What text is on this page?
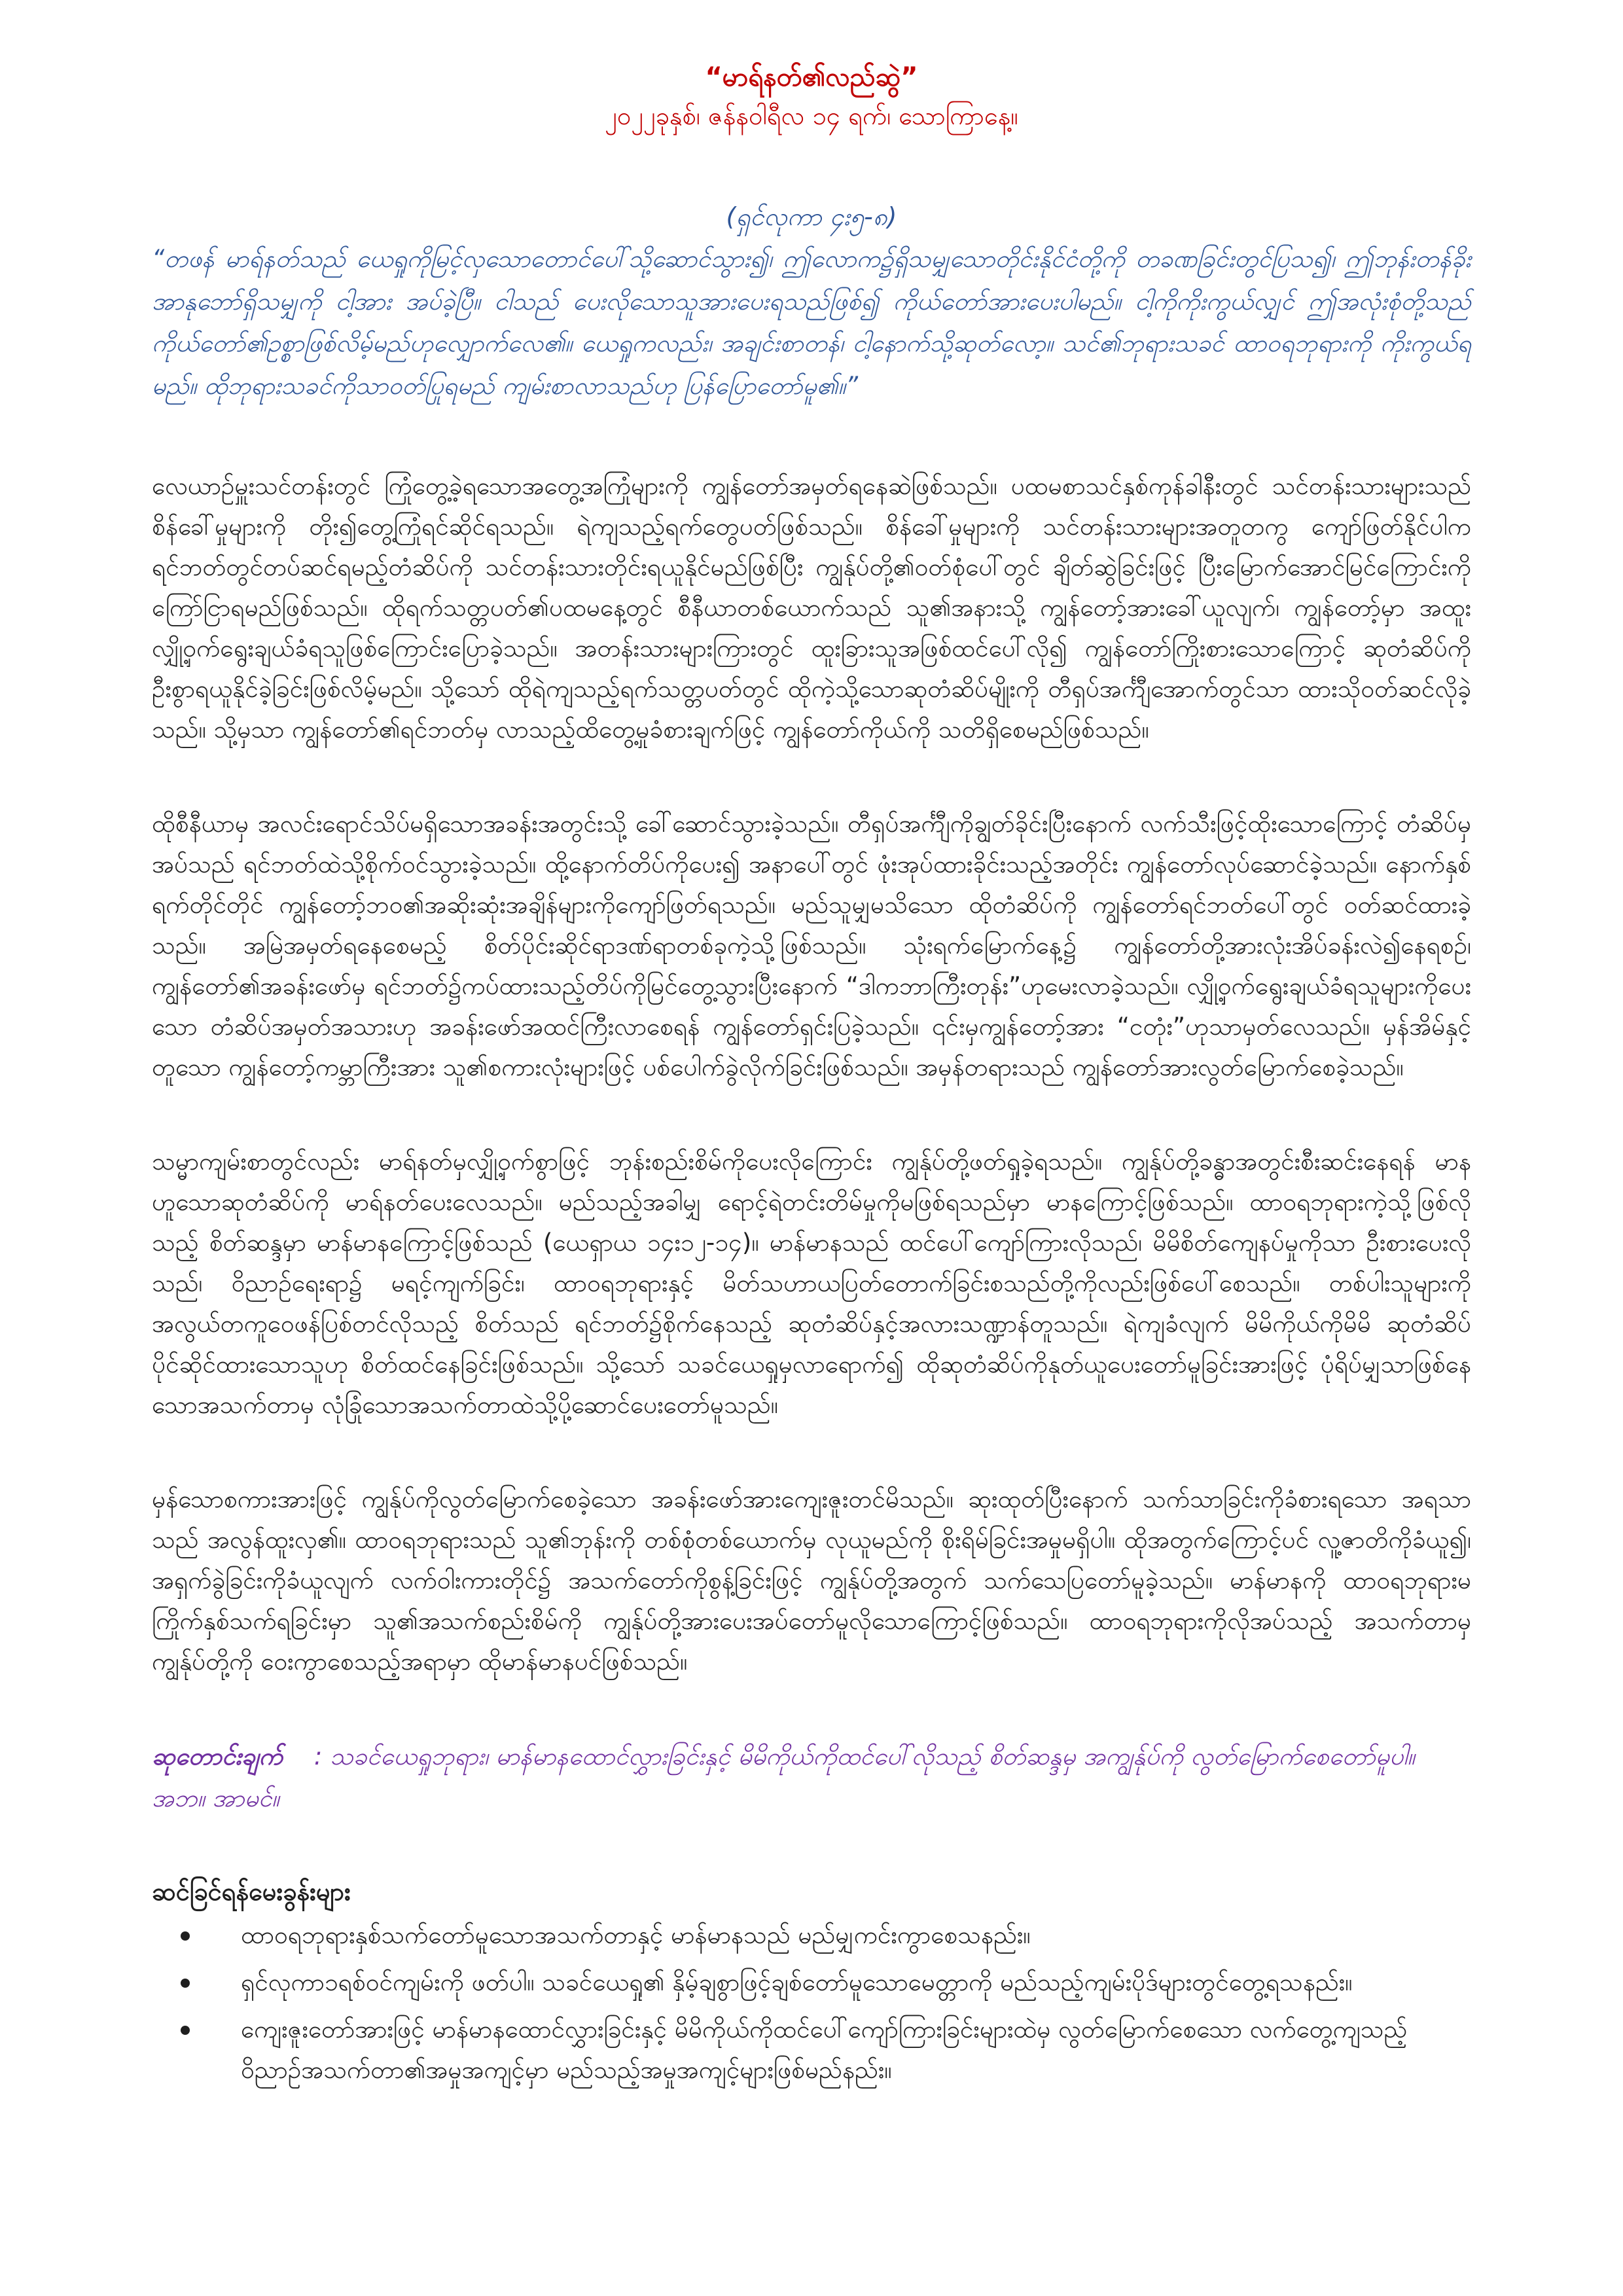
“မာရ်နတ်၏လည်ဆွဲ”

၂၀၂၂ခုနှစ်၊ ဇန်နဝါရီလ ၁၄ ရက်၊ သောကြာနေ့။

(ရှင်လုကာ ၄း၅-၈)

“တဖန် မာရ်နတ်သည် ယေရှုကိုမြင့်လှသောတောင်ပေါ်သို့ဆောင်သွား၍၊ ဤလောက၌ရှိသမျှသောတိုင်းနိုင်ငံတို့ကို တခဏခြင်းတွင်ပြသ၍၊ ဤဘုန်းတန်ခိုးအာနုဘော်ရှိသမျှကို ငါ့အား အပ်ခဲ့ပြီ။ ငါသည် ပေးလိုသောသူအားပေးရသည်ဖြစ်၍ ကိုယ်တော်အားပေးပါမည်။ ငါ့ကိုကိုးကွယ်လျှင် ဤအလုံးစုံတို့သည် ကိုယ်တော်၏ဥစ္စာဖြစ်လိမ့်မည်ဟုလျှောက်လေ၏။ ယေရှုကလည်း၊ အချင်းစာတန်၊ ငါ့နောက်သို့ဆုတ်လော့။ သင်၏ဘုရားသခင် ထာဝရဘုရားကို ကိုးကွယ်ရမည်။ ထိုဘုရားသခင်ကိုသာဝတ်ပြုရမည် ကျမ်းစာလာသည်ဟု ပြန်ပြောတော်မူ၏။”

လေယာဉ်မှူးသင်တန်းတွင် ကြုံတွေ့ခဲ့ရသောအတွေ့အကြုံများကို ကျွန်တော်အမှတ်ရနေဆဲဖြစ်သည်။ ပထမစာသင်နှစ်ကုန်ခါနီးတွင် သင်တန်းသားများသည် စိန်ခေါ်မှုများကို တိုး၍တွေ့ကြုံရင်ဆိုင်ရသည်။ ရဲကျသည့်ရက်တွေပတ်ဖြစ်သည်။ စိန်ခေါ်မှုများကို သင်တန်းသားများအတူတကွ ကျော်ဖြတ်နိုင်ပါက ရင်ဘတ်တွင်တပ်ဆင်ရမည့်တံဆိပ်ကို သင်တန်းသားတိုင်းရယူနိုင်မည်ဖြစ်ပြီး ကျွန်ုပ်တို့၏ဝတ်စုံပေါ်တွင် ချိတ်ဆွဲခြင်းဖြင့် ပြီးမြောက်အောင်မြင်ကြောင်းကို ကြော်ငြာရမည်ဖြစ်သည်။ ထိုရက်သတ္တပတ်၏ပထမနေ့တွင် စီနီယာတစ်ယောက်သည် သူ၏အနားသို့ ကျွန်တော့်အားခေါ်ယူလျက်၊ ကျွန်တော့်မှာ အထူးလျှို့ဝှက်ရွေးချယ်ခံရသူဖြစ်ကြောင်းပြောခဲ့သည်။ အတန်းသားများကြားတွင် ထူးခြားသူအဖြစ်ထင်ပေါ်လို၍ ကျွန်တော်ကြိုးစားသောကြောင့် ဆုတံဆိပ်ကို ဦးစွာရယူနိုင်ခဲ့ခြင်းဖြစ်လိမ့်မည်။ သို့သော် ထိုရဲကျသည့်ရက်သတ္တပတ်တွင် ထိုကဲ့သို့သောဆုတံဆိပ်မျိုးကို တီရှပ်အင်္ကျီအောက်တွင်သာ ထားသိုဝတ်ဆင်လိုခဲ့သည်။ သို့မှသာ ကျွန်တော်၏ရင်ဘတ်မှ လာသည့်ထိတွေ့မှုခံစားချက်ဖြင့် ကျွန်တော်ကိုယ်ကို သတိရှိစေမည်ဖြစ်သည်။

ထိုစီနီယာမှ အလင်းရောင်သိပ်မရှိသောအခန်းအတွင်းသို့ ခေါ်ဆောင်သွားခဲ့သည်။ တီရှပ်အင်္ကျီကိုချွတ်ခိုင်းပြီးနောက် လက်သီးဖြင့်ထိုးသောကြောင့် တံဆိပ်မှ အပ်သည် ရင်ဘတ်ထဲသို့စိုက်ဝင်သွားခဲ့သည်။ ထို့နောက်တိပ်ကိုပေး၍ အနာပေါ်တွင် ဖုံးအုပ်ထားခိုင်းသည့်အတိုင်း ကျွန်တော်လုပ်ဆောင်ခဲ့သည်။ နောက်နှစ်ရက်တိုင်တိုင် ကျွန်တော့်ဘဝ၏အဆိုးဆုံးအချိန်များကိုကျော်ဖြတ်ရသည်။ မည်သူမျှမသိသော ထိုတံဆိပ်ကို ကျွန်တော်ရင်ဘတ်ပေါ်တွင် ဝတ်ဆင်ထားခဲ့သည်။ အမြဲအမှတ်ရနေစေမည့် စိတ်ပိုင်းဆိုင်ရာဒဏ်ရာတစ်ခုကဲ့သို့ဖြစ်သည်။ သုံးရက်မြောက်နေ့၌ ကျွန်တော်တို့အားလုံးအိပ်ခန်းလဲ၍နေရစဉ်၊ ကျွန်တော်၏အခန်းဖော်မှ ရင်ဘတ်၌ကပ်ထားသည့်တိပ်ကိုမြင်တွေ့သွားပြီးနောက် “ဒါကဘာကြီးတုန်း”ဟုမေးလာခဲ့သည်။ လျှို့ဝှက်ရွေးချယ်ခံရသူများကိုပေးသော တံဆိပ်အမှတ်အသားဟု အခန်းဖော်အထင်ကြီးလာစေရန် ကျွန်တော်ရှင်းပြခဲ့သည်။ ၎င်းမှကျွန်တော့်အား “ငတုံး”ဟုသာမှတ်လေသည်။ မှန်အိမ်နှင့်တူသော ကျွန်တော့်ကမ္ဘာကြီးအား သူ၏စကားလုံးများဖြင့် ပစ်ပေါက်ခွဲလိုက်ခြင်းဖြစ်သည်။ အမှန်တရားသည် ကျွန်တော်အားလွတ်မြောက်စေခဲ့သည်။

သမ္မာကျမ်းစာတွင်လည်း မာရ်နတ်မှလျှို့ဝှက်စွာဖြင့် ဘုန်းစည်းစိမ်ကိုပေးလိုကြောင်း ကျွန်ုပ်တို့ဖတ်ရှုခဲ့ရသည်။ ကျွန်ုပ်တို့ခန္ဓာအတွင်းစီးဆင်းနေရန် မာနဟူသောဆုတံဆိပ်ကို မာရ်နတ်ပေးလေသည်။ မည်သည့်အခါမျှ ရောင့်ရဲတင်းတိမ်မှုကိုမဖြစ်ရသည်မှာ မာနကြောင့်ဖြစ်သည်။ ထာဝရဘုရားကဲ့သို့ဖြစ်လိုသည့် စိတ်ဆန္ဒမှာ မာန်မာနကြောင့်ဖြစ်သည် (ယေရှာယ ၁၄း၁၂-၁၄)။ မာန်မာနသည် ထင်ပေါ်ကျော်ကြားလိုသည်၊ မိမိစိတ်ကျေနပ်မှုကိုသာ ဦးစားပေးလိုသည်၊ ဝိညာဉ်ရေးရာ၌ မရင့်ကျက်ခြင်း၊ ထာဝရဘုရားနှင့် မိတ်သဟာယပြတ်တောက်ခြင်းစသည်တို့ကိုလည်းဖြစ်ပေါ်စေသည်။ တစ်ပါးသူများကို အလွယ်တကူဝေဖန်ပြစ်တင်လိုသည့် စိတ်သည် ရင်ဘတ်၌စိုက်နေသည့် ဆုတံဆိပ်နှင့်အလားသဏ္ဍာန်တူသည်။ ရဲကျခံလျက် မိမိကိုယ်ကိုမိမိ ဆုတံဆိပ်ပိုင်ဆိုင်ထားသောသူဟု စိတ်ထင်နေခြင်းဖြစ်သည်။ သို့သော် သခင်ယေရှုမှလာရောက်၍ ထိုဆုတံဆိပ်ကိုနုတ်ယူပေးတော်မူခြင်းအားဖြင့် ပုံရိပ်မျှသာဖြစ်နေသောအသက်တာမှ လုံခြုံသောအသက်တာထဲသို့ပို့ဆောင်ပေးတော်မူသည်။

မှန်သောစကားအားဖြင့် ကျွန်ုပ်ကိုလွတ်မြောက်စေခဲ့သော အခန်းဖော်အားကျေးဇူးတင်မိသည်။ ဆုးထုတ်ပြီးနောက် သက်သာခြင်းကိုခံစားရသော အရသာသည် အလွန်ထူးလှ၏။ ထာဝရဘုရားသည် သူ၏ဘုန်းကို တစ်စုံတစ်ယောက်မှ လုယူမည်ကို စိုးရိမ်ခြင်းအမှုမရှိပါ။ ထိုအတွက်ကြောင့်ပင် လူ့ဇာတိကိုခံယူ၍၊ အရှက်ခွဲခြင်းကိုခံယူလျက် လက်ဝါးကားတိုင်၌ အသက်တော်ကိုစွန့်ခြင်းဖြင့် ကျွန်ုပ်တို့အတွက် သက်သေပြတော်မူခဲ့သည်။ မာန်မာနကို ထာဝရဘုရားမကြိုက်နှစ်သက်ရခြင်းမှာ သူ၏အသက်စည်းစိမ်ကို ကျွန်ုပ်တို့အားပေးအပ်တော်မူလိုသောကြောင့်ဖြစ်သည်။ ထာဝရဘုရားကိုလိုအပ်သည့် အသက်တာမှ ကျွန်ုပ်တို့ကို ဝေးကွာစေသည့်အရာမှာ ထိုမာန်မာနပင်ဖြစ်သည်။

ဆုတောင်းချက် : သခင်ယေရှုဘုရား၊ မာန်မာနထောင်လွှားခြင်းနှင့် မိမိကိုယ်ကိုထင်ပေါ်လိုသည့် စိတ်ဆန္ဒမှ အကျွန်ုပ်ကို လွတ်မြောက်စေတော်မူပါ။ အဘ။ အာမင်။

ဆင်ခြင်ရန်မေးခွန်းများ
ထာဝရဘုရားနှစ်သက်တော်မူသောအသက်တာနှင့် မာန်မာနသည် မည်မျှကင်းကွာစေသနည်း။
ရှင်လုကာ၁ရစ်ဝင်ကျမ်းကို ဖတ်ပါ။ သခင်ယေရှု၏ နှိမ့်ချစွာဖြင့်ချစ်တော်မူသောမေတ္တာကို မည်သည့်ကျမ်းပိုဒ်များတွင်တွေ့ရသနည်း။
ကျေးဇူးတော်အားဖြင့် မာန်မာနထောင်လွှားခြင်းနှင့် မိမိကိုယ်ကိုထင်ပေါ်ကျော်ကြားခြင်းများထဲမှ လွတ်မြောက်စေသော လက်တွေ့ကျသည့် ဝိညာဉ်အသက်တာ၏အမှုအကျင့်မှာ မည်သည့်အမှုအကျင့်များဖြစ်မည်နည်း။
